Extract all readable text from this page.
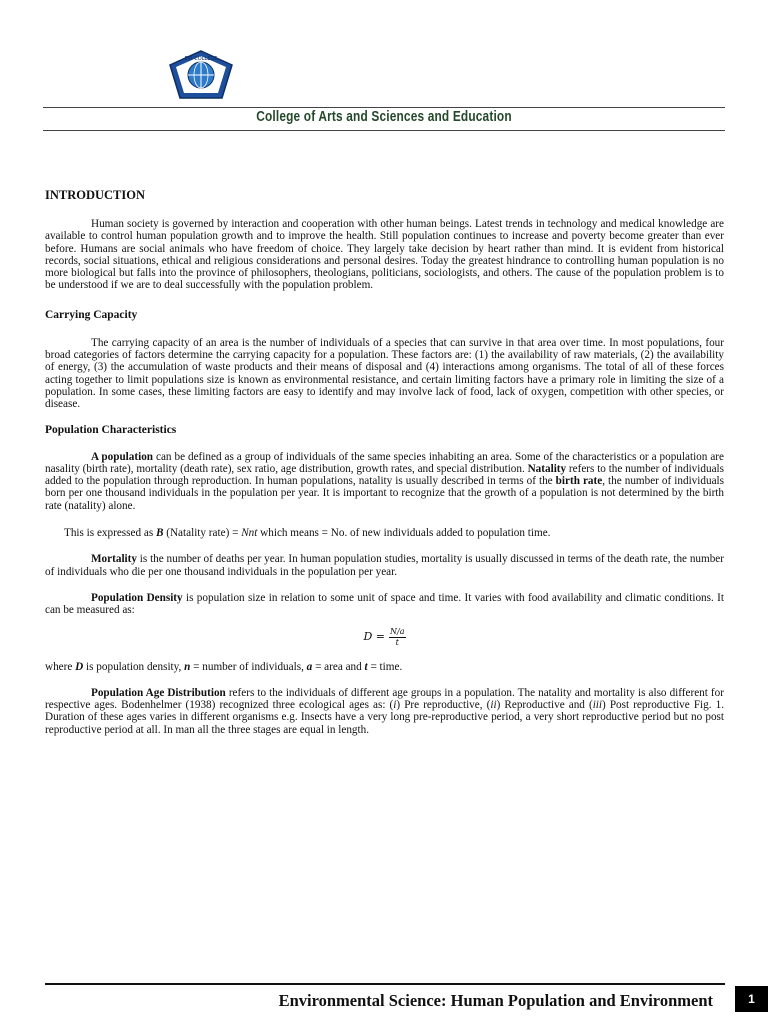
EVI COLLEGE
College of Arts and Sciences and Education
INTRODUCTION

Human society is governed by interaction and cooperation with other human beings. Latest trends in technology and medical knowledge are available to control human population growth and to improve the health. Still population continues to increase and poverty become greater than ever before. Humans are social animals who have freedom of choice. They largely take decision by heart rather than mind. It is evident from historical records, social situations, ethical and religious considerations and personal desires. Today the greatest hindrance to controlling human population is no more biological but falls into the province of philosophers, theologians, politicians, sociologists, and others. The cause of the population problem is to be understood if we are to deal successfully with the population problem.

Carrying Capacity

The carrying capacity of an area is the number of individuals of a species that can survive in that area over time. In most populations, four broad categories of factors determine the carrying capacity for a population. These factors are: (1) the availability of raw materials, (2) the availability of energy, (3) the accumulation of waste products and their means of disposal and (4) interactions among organisms. The total of all of these forces acting together to limit populations size is known as environmental resistance, and certain limiting factors have a primary role in limiting the size of a population. In some cases, these limiting factors are easy to identify and may involve lack of food, lack of oxygen, competition with other species, or disease.

Population Characteristics

A population can be defined as a group of individuals of the same species inhabiting an area. Some of the characteristics or a population are nasality (birth rate), mortality (death rate), sex ratio, age distribution, growth rates, and special distribution. Natality refers to the number of individuals added to the population through reproduction. In human populations, natality is usually described in terms of the birth rate, the number of individuals born per one thousand individuals in the population per year. It is important to recognize that the growth of a population is not determined by the birth rate (natality) alone.

This is expressed as B (Natality rate) = Nnt which means = No. of new individuals added to population time.

Mortality is the number of deaths per year. In human population studies, mortality is usually discussed in terms of the death rate, the number of individuals who die per one thousand individuals in the population per year.

Population Density is population size in relation to some unit of space and time. It varies with food availability and climatic conditions. It can be measured as:

$D = \frac{N/a}{t}$

where D is population density, n = number of individuals, a = area and t = time.

Population Age Distribution refers to the individuals of different age groups in a population. The natality and mortality is also different for respective ages. Bodenhelmer (1938) recognized three ecological ages as: (i) Pre reproductive, (ii) Reproductive and (iii) Post reproductive Fig. 1. Duration of these ages varies in different organisms e.g. Insects have a very long pre-reproductive period, a very short reproductive period but no post reproductive period at all. In man all the three stages are equal in length.

Environmental Science: Human Population and Environment	1
